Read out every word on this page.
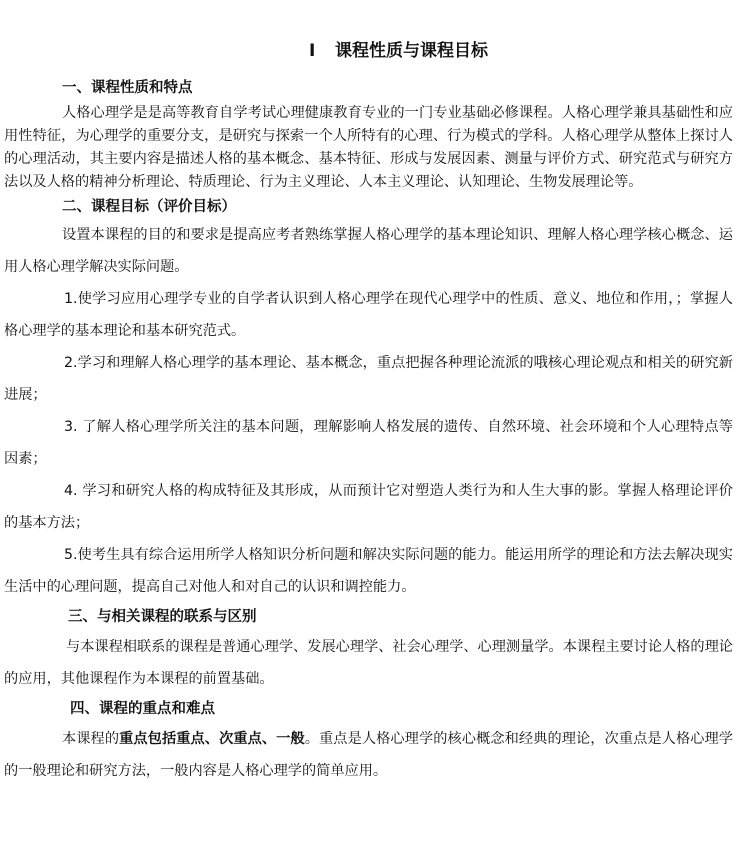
I 课程性质与课程目标
一、课程性质和特点

人格心理学是是高等教育自学考试心理健康教育专业的一门专业基础必修课程。人格心理学兼具基础性和应用性特征，为心理学的重要分支，是研究与探索一个人所特有的心理、行为模式的学科。人格心理学从整体上探讨人的心理活动，其主要内容是描述人格的基本概念、基本特征、形成与发展因素、测量与评价方式、研究范式与研究方法以及人格的精神分析理论、特质理论、行为主义理论、人本主义理论、认知理论、生物发展理论等。

二、课程目标（评价目标）

设置本课程的目的和要求是提高应考者熟练掌握人格心理学的基本理论知识、理解人格心理学核心概念、运用人格心理学解决实际问题。

1.使学习应用心理学专业的自学者认识到人格心理学在现代心理学中的性质、意义、地位和作用，；掌握人格心理学的基本理论和基本研究范式。

2.学习和理解人格心理学的基本理论、基本概念，重点把握各种理论流派的哦核心理论观点和相关的研究新进展；

3. 了解人格心理学所关注的基本问题，理解影响人格发展的遗传、自然环境、社会环境和个人心理特点等因素；

4. 学习和研究人格的构成特征及其形成，从而预计它对塑造人类行为和人生大事的影。掌握人格理论评价的基本方法；

5.使考生具有综合运用所学人格知识分析问题和解决实际问题的能力。能运用所学的理论和方法去解决现实生活中的心理问题，提高自己对他人和对自己的认识和调控能力。

三、与相关课程的联系与区别

与本课程相联系的课程是普通心理学、发展心理学、社会心理学、心理测量学。本课程主要讨论人格的理论的应用，其他课程作为本课程的前置基础。

四、课程的重点和难点

本课程的重点包括重点、次重点、一般。重点是人格心理学的核心概念和经典的理论，次重点是人格心理学的一般理论和研究方法，一般内容是人格心理学的简单应用。
